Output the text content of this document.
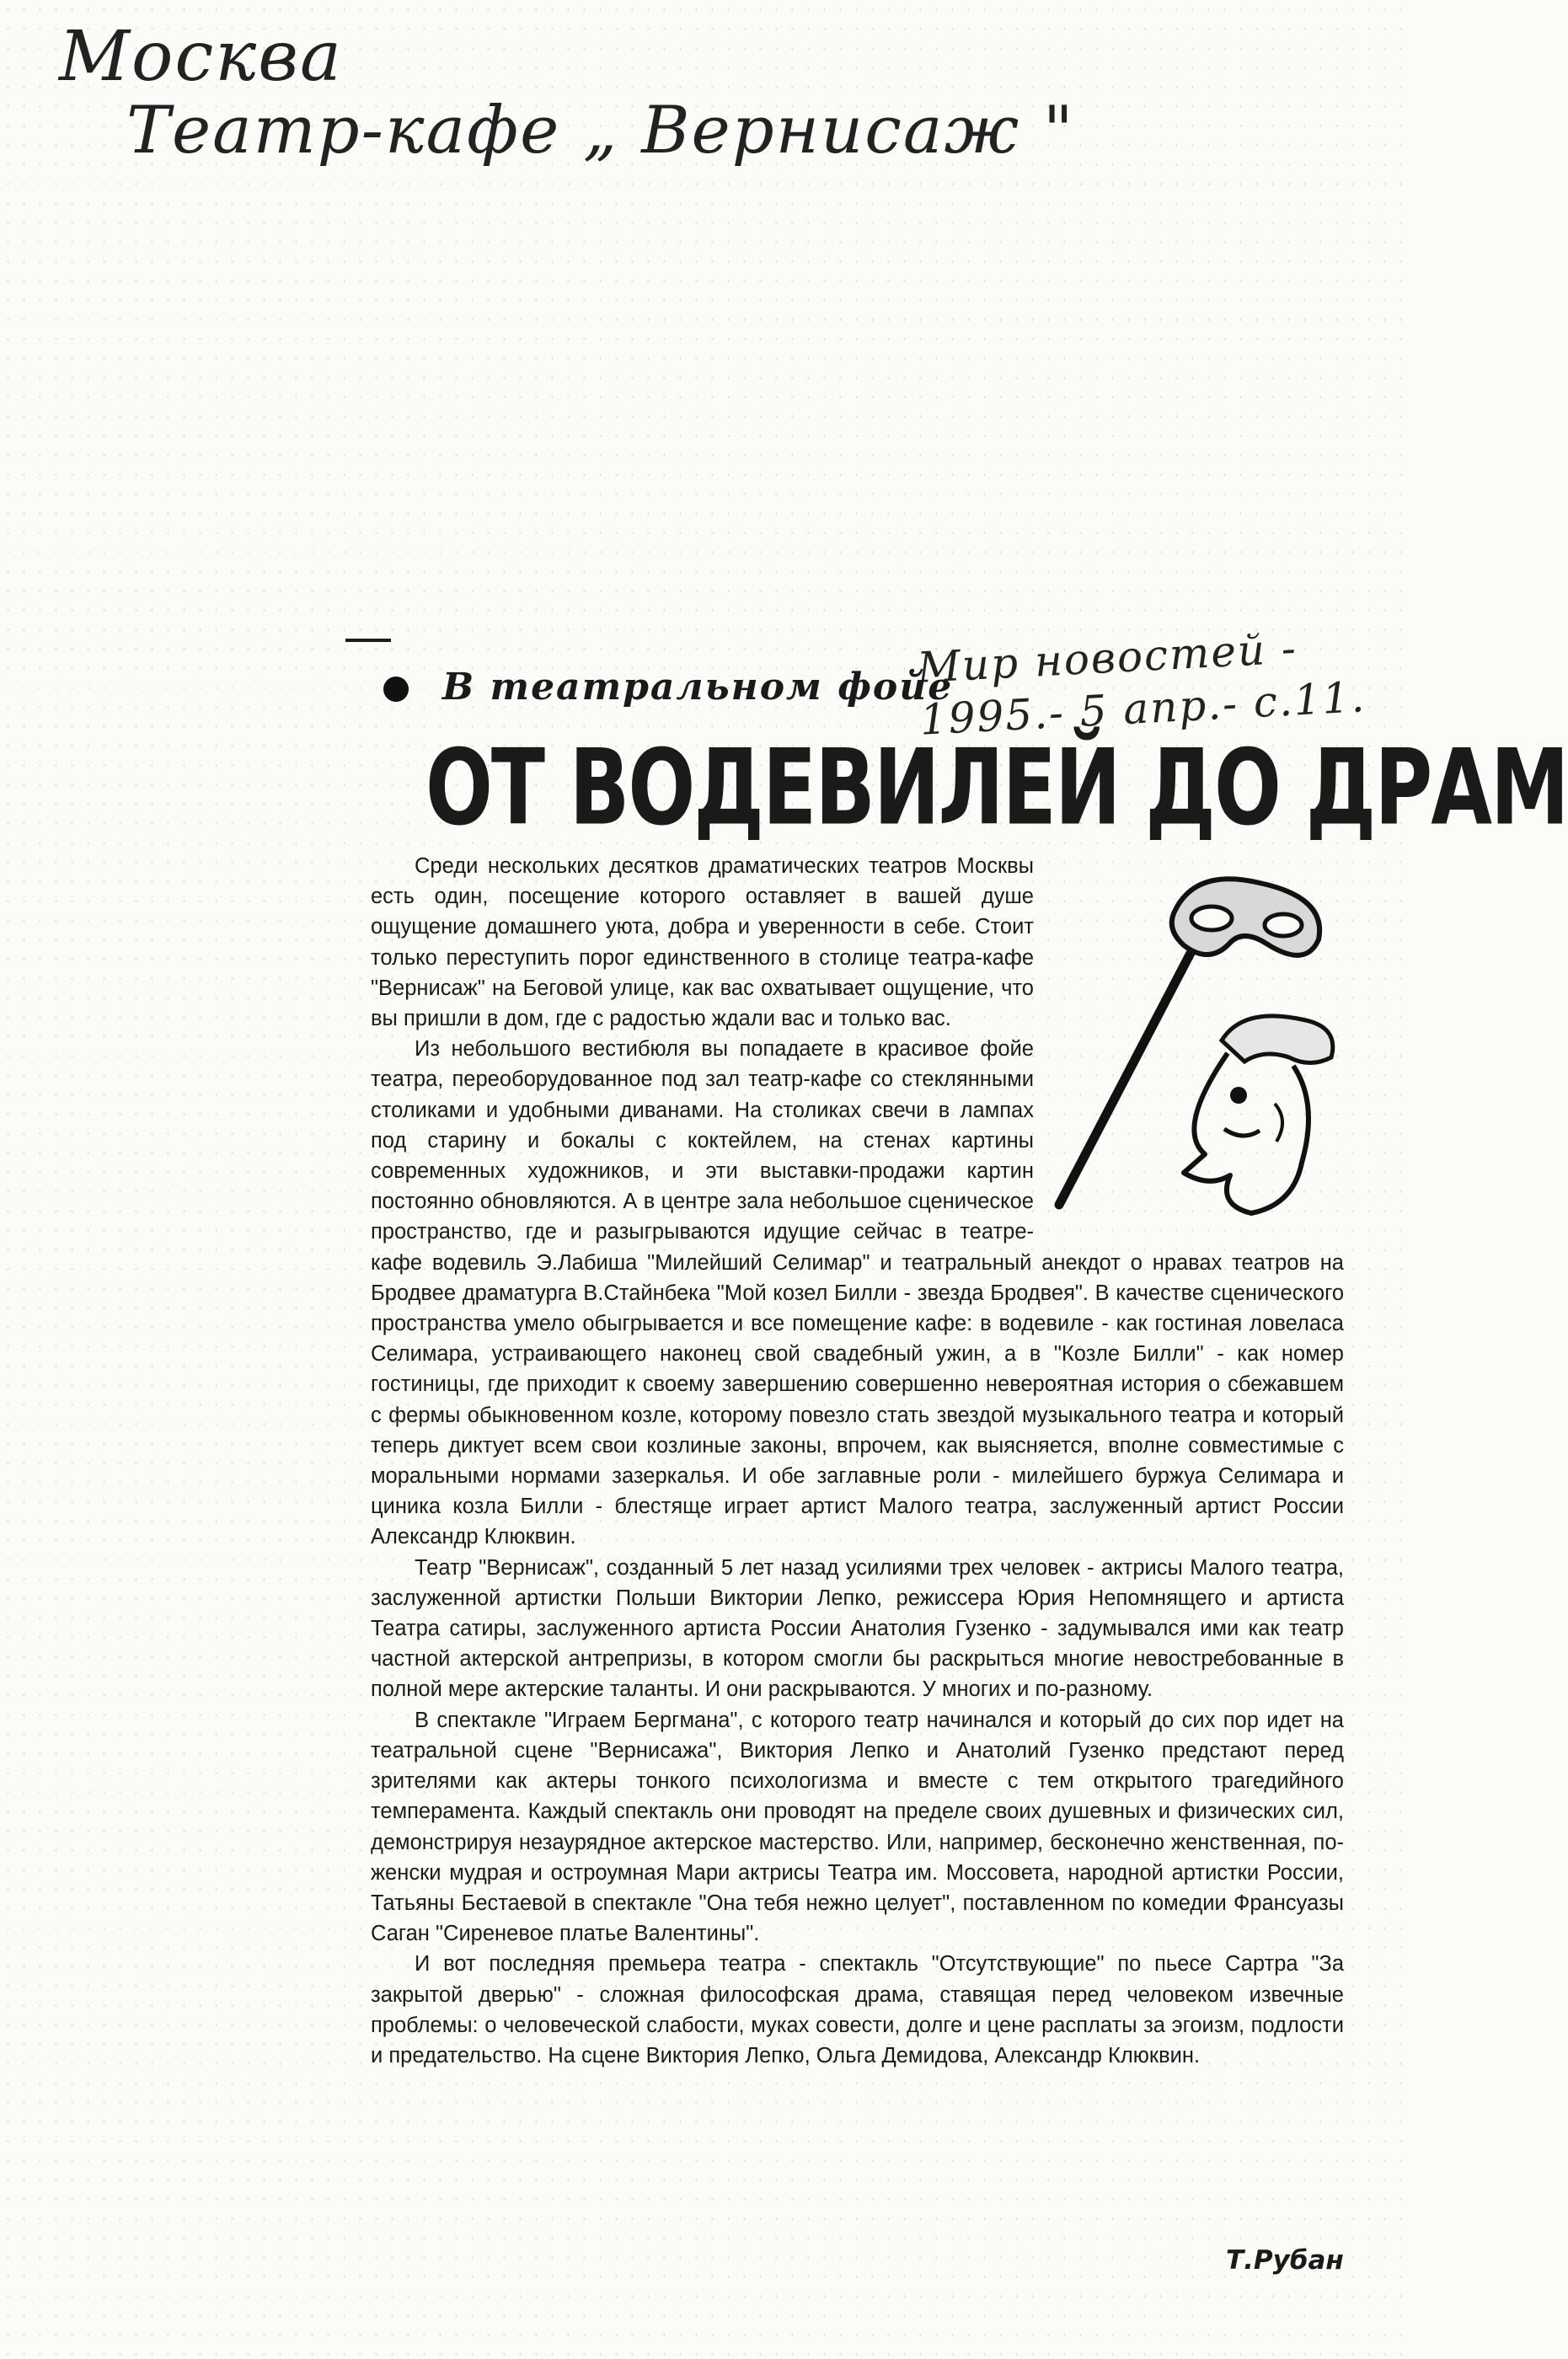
Москва
Театр-кафе „ Вернисаж "
Мир новостей -
1995.- 5 апр.- с.11.
В театральном фойе
ОТ ВОДЕВИЛЕЙ ДО ДРАМ

Среди нескольких десятков драматических театров Москвы есть один, посещение которого оставляет в вашей душе ощущение домашнего уюта, добра и уверенности в себе. Стоит только переступить порог единственного в столице театра-кафе "Вернисаж" на Беговой улице, как вас охватывает ощущение, что вы пришли в дом, где с радостью ждали вас и только вас.

Из небольшого вестибюля вы попадаете в красивое фойе театра, переоборудованное под зал театр-кафе со стеклянными столиками и удобными диванами. На столиках свечи в лампах под старину и бокалы с коктейлем, на стенах картины современных художников, и эти выставки-продажи картин постоянно обновляются. А в центре зала небольшое сценическое пространство, где и разыгрываются идущие сейчас в театре-кафе водевиль Э.Лабиша "Милейший Селимар" и театральный анекдот о нравах театров на Бродвее драматурга В.Стайнбека "Мой козел Билли - звезда Бродвея". В качестве сценического пространства умело обыгрывается и все помещение кафе: в водевиле - как гостиная ловеласа Селимара, устраивающего наконец свой свадебный ужин, а в "Козле Билли" - как номер гостиницы, где приходит к своему завершению совершенно невероятная история о сбежавшем с фермы обыкновенном козле, которому повезло стать звездой музыкального театра и который теперь диктует всем свои козлиные законы, впрочем, как выясняется, вполне совместимые с моральными нормами зазеркалья. И обе заглавные роли - милейшего буржуа Селимара и циника козла Билли - блестяще играет артист Малого театра, заслуженный артист России Александр Клюквин.

Театр "Вернисаж", созданный 5 лет назад усилиями трех человек - актрисы Малого театра, заслуженной артистки Польши Виктории Лепко, режиссера Юрия Непомнящего и артиста Театра сатиры, заслуженного артиста России Анатолия Гузенко - задумывался ими как театр частной актерской антрепризы, в котором смогли бы раскрыться многие невостребованные в полной мере актерские таланты. И они раскрываются. У многих и по-разному.

В спектакле "Играем Бергмана", с которого театр начинался и который до сих пор идет на театральной сцене "Вернисажа", Виктория Лепко и Анатолий Гузенко предстают перед зрителями как актеры тонкого психологизма и вместе с тем открытого трагедийного темперамента. Каждый спектакль они проводят на пределе своих душевных и физических сил, демонстрируя незаурядное актерское мастерство. Или, например, бесконечно женственная, по-женски мудрая и остроумная Мари актрисы Театра им. Моссовета, народной артистки России, Татьяны Бестаевой в спектакле "Она тебя нежно целует", поставленном по комедии Франсуазы Саган "Сиреневое платье Валентины".

И вот последняя премьера театра - спектакль "Отсутствующие" по пьесе Сартра "За закрытой дверью" - сложная философская драма, ставящая перед человеком извечные проблемы: о человеческой слабости, муках совести, долге и цене расплаты за эгоизм, подлости и предательство. На сцене Виктория Лепко, Ольга Демидова, Александр Клюквин.

Т.Рубан
